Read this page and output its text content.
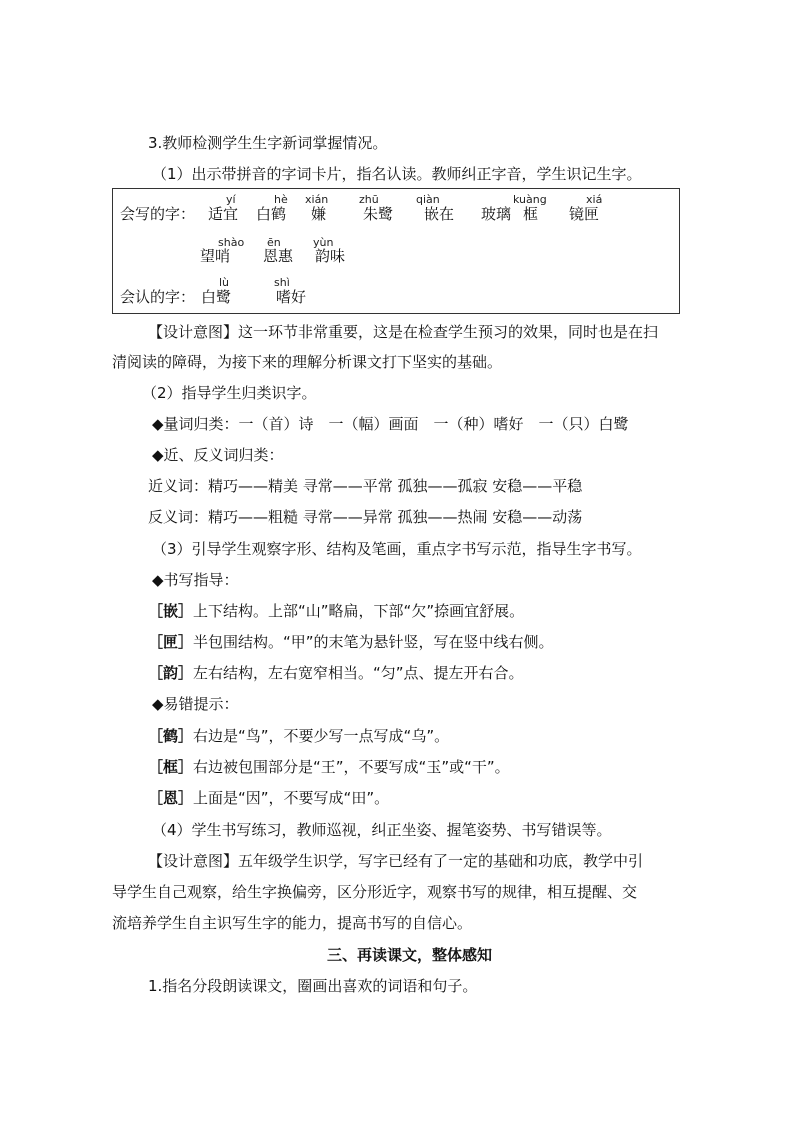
3.教师检测学生生字新词掌握情况。
（1）出示带拼音的字词卡片，指名认读。教师纠正字音，学生识记生字。
会写的字：
yí
适宜
hè
白鹤
xián
嫌
zhū
朱鹭
qiàn
嵌在 玻璃
kuàng
框
xiá
镜匣
shào
望哨
ēn
恩惠
yùn
韵味
会认的字：
lù
白鹭
shì
嗜好
【设计意图】这一环节非常重要，这是在检查学生预习的效果，同时也是在扫
清阅读的障碍，为接下来的理解分析课文打下坚实的基础。
（2）指导学生归类识字。
◆量词归类：一（首）诗　一（幅）画面　一（种）嗜好　一（只）白鹭
◆近、反义词归类：
近义词：精巧——精美 寻常——平常 孤独——孤寂 安稳——平稳
反义词：精巧——粗糙 寻常——异常 孤独——热闹 安稳——动荡
（3）引导学生观察字形、结构及笔画，重点字书写示范，指导生字书写。
◆书写指导：
［嵌］上下结构。上部“山”略扁，下部“欠”捺画宜舒展。
［匣］半包围结构。“甲”的末笔为悬针竖，写在竖中线右侧。
［韵］左右结构，左右宽窄相当。“匀”点、提左开右合。
◆易错提示：
［鹤］右边是“鸟”，不要少写一点写成“乌”。
［框］右边被包围部分是“王”，不要写成“玉”或“干”。
［恩］上面是“因”，不要写成“田”。
（4）学生书写练习，教师巡视，纠正坐姿、握笔姿势、书写错误等。
【设计意图】五年级学生识学，写字已经有了一定的基础和功底，教学中引
导学生自己观察，给生字换偏旁，区分形近字，观察书写的规律，相互提醒、交
流培养学生自主识写生字的能力，提高书写的自信心。
三、再读课文，整体感知
1.指名分段朗读课文，圈画出喜欢的词语和句子。
